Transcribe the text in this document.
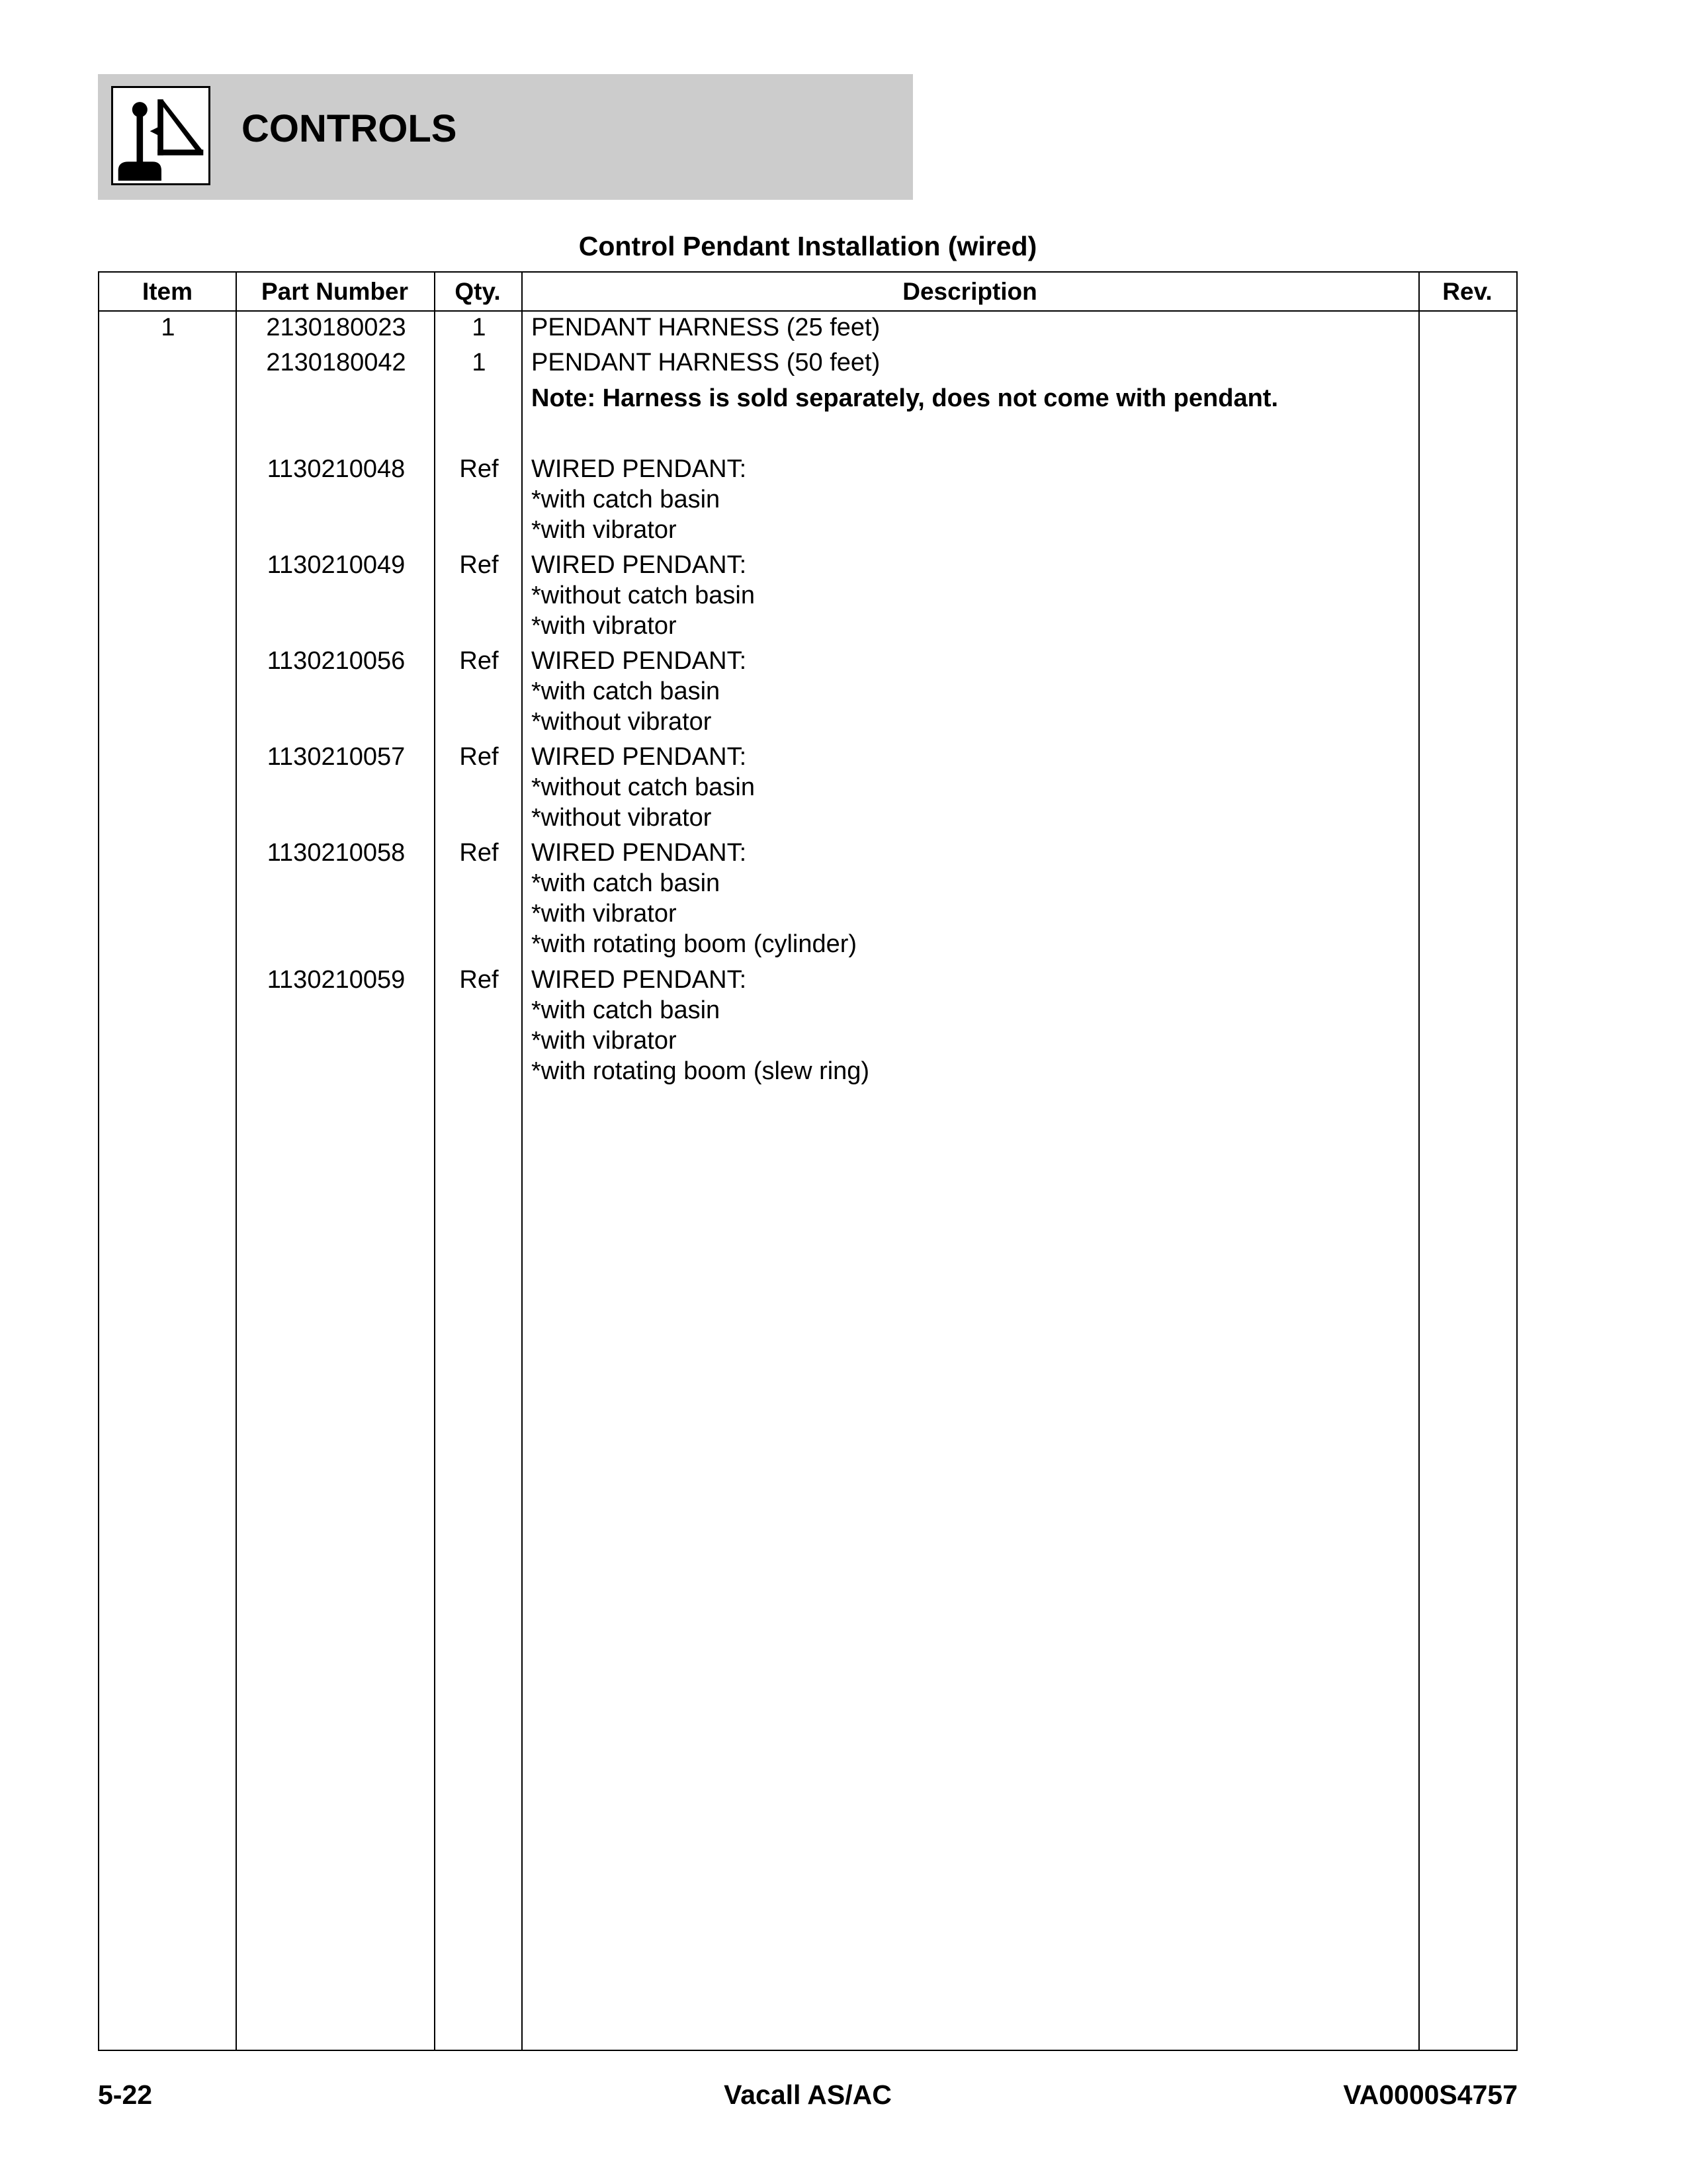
CONTROLS
Control Pendant Installation (wired)
Item	Part Number	Qty.	Description	Rev.
1	2130180023	1	PENDANT HARNESS (25 feet)
2130180042	1	PENDANT HARNESS (50 feet)
Note: Harness is sold separately, does not come with pendant.
1130210048	Ref	WIRED PENDANT:
*with catch basin
*with vibrator
1130210049	Ref	WIRED PENDANT:
*without catch basin
*with vibrator
1130210056	Ref	WIRED PENDANT:
*with catch basin
*without vibrator
1130210057	Ref	WIRED PENDANT:
*without catch basin
*without vibrator
1130210058	Ref	WIRED PENDANT:
*with catch basin
*with vibrator
*with rotating boom (cylinder)
1130210059	Ref	WIRED PENDANT:
*with catch basin
*with vibrator
*with rotating boom (slew ring)
5-22	Vacall AS/AC	VA0000S4757
